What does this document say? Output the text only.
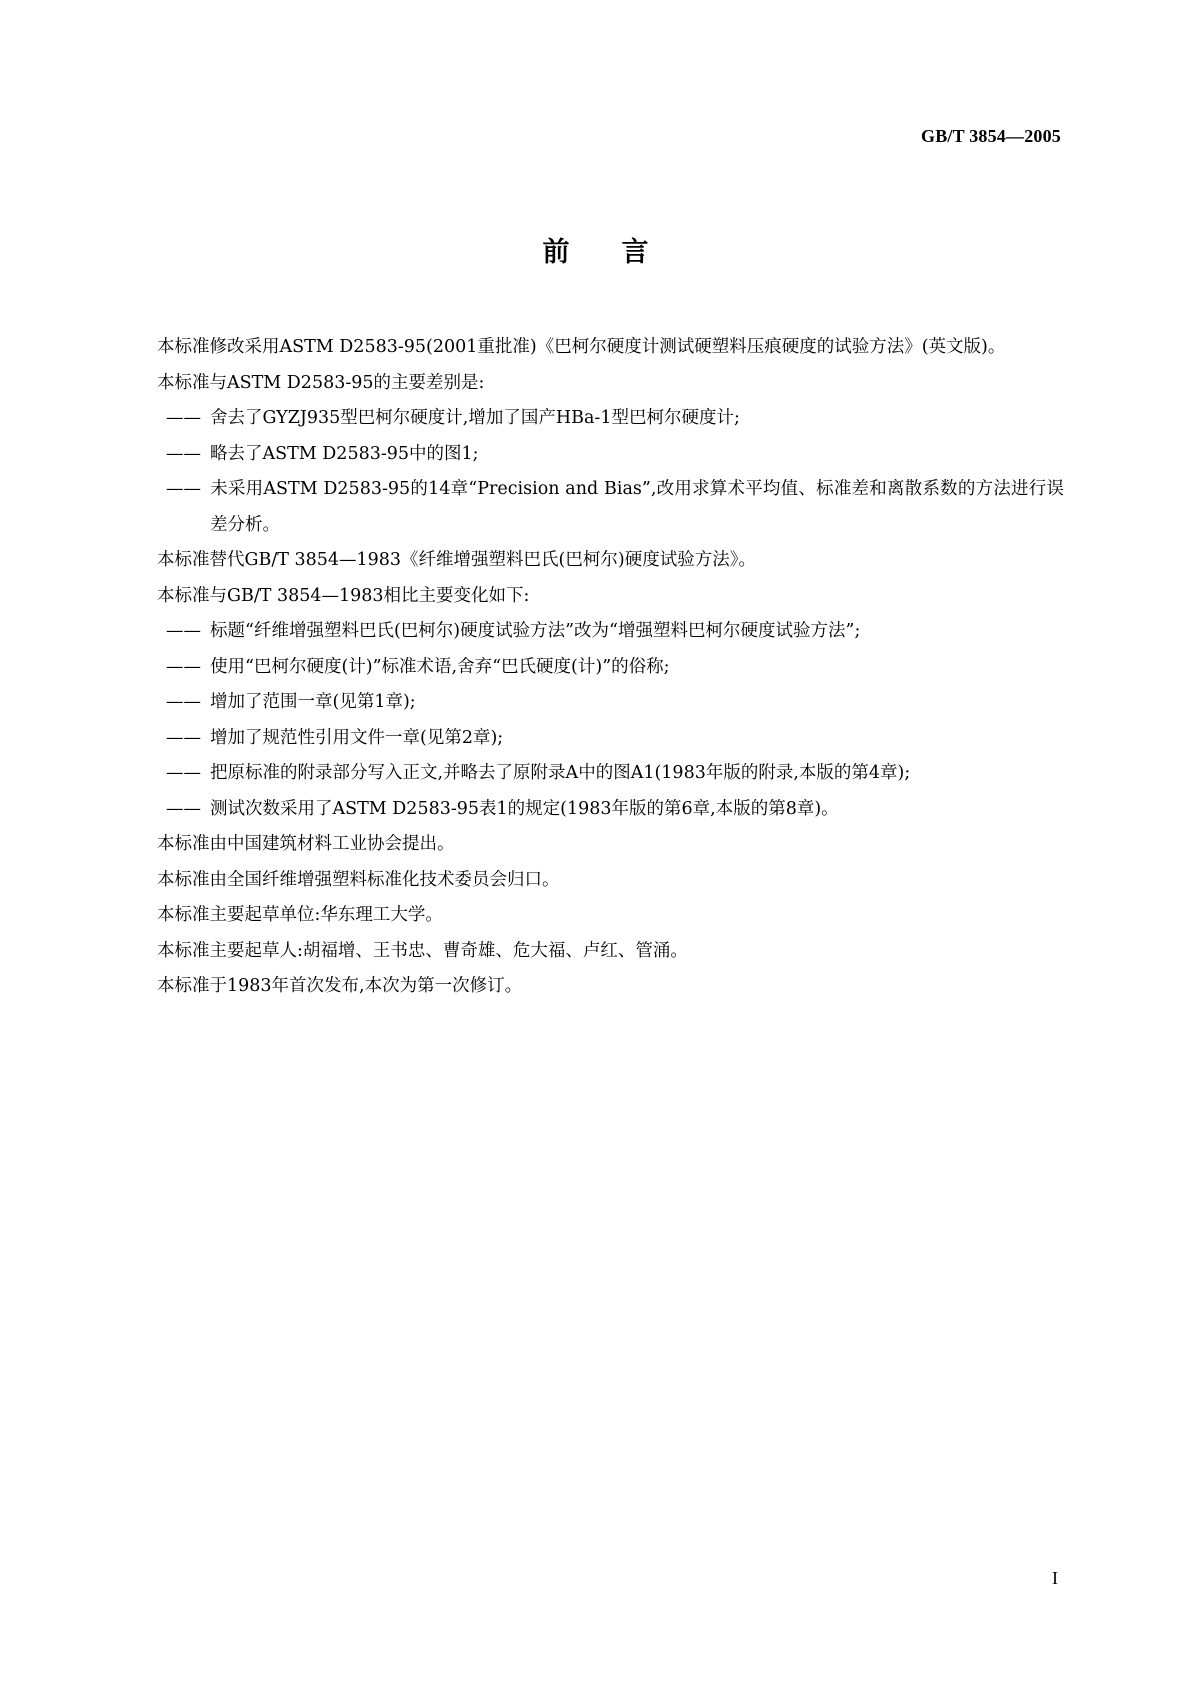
GB/T 3854—2005
前言

本标准修改采用ASTM D2583-95(2001重批准)《巴柯尔硬度计测试硬塑料压痕硬度的试验方法》(英文版)。

本标准与ASTM D2583-95的主要差别是:

—— 舍去了GYZJ935型巴柯尔硬度计,增加了国产HBa-1型巴柯尔硬度计;

—— 略去了ASTM D2583-95中的图1;

—— 未采用ASTM D2583-95的14章“Precision and Bias”,改用求算术平均值、标准差和离散系数的方法进行误差分析。

本标准替代GB/T 3854—1983《纤维增强塑料巴氏(巴柯尔)硬度试验方法》。

本标准与GB/T 3854—1983相比主要变化如下:

—— 标题“纤维增强塑料巴氏(巴柯尔)硬度试验方法”改为“增强塑料巴柯尔硬度试验方法”;

—— 使用“巴柯尔硬度(计)”标准术语,舍弃“巴氏硬度(计)”的俗称;

—— 增加了范围一章(见第1章);

—— 增加了规范性引用文件一章(见第2章);

—— 把原标准的附录部分写入正文,并略去了原附录A中的图A1(1983年版的附录,本版的第4章);

—— 测试次数采用了ASTM D2583-95表1的规定(1983年版的第6章,本版的第8章)。

本标准由中国建筑材料工业协会提出。

本标准由全国纤维增强塑料标准化技术委员会归口。

本标准主要起草单位:华东理工大学。

本标准主要起草人:胡福增、王书忠、曹奇雄、危大福、卢红、管涌。

本标准于1983年首次发布,本次为第一次修订。

I
